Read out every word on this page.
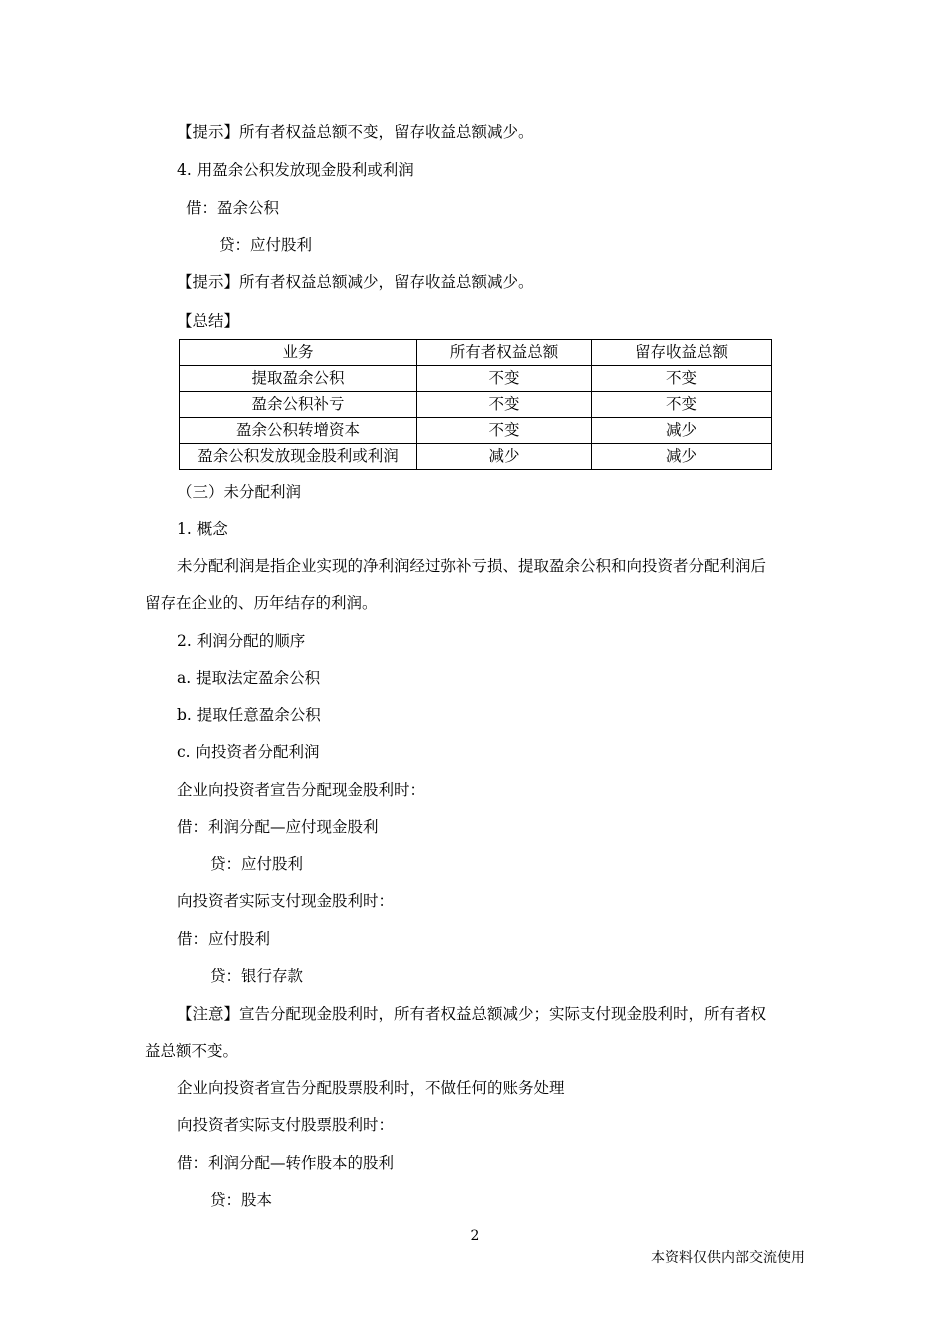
【提示】所有者权益总额不变，留存收益总额减少。
4. 用盈余公积发放现金股利或利润
借：盈余公积
贷：应付股利
【提示】所有者权益总额减少，留存收益总额减少。
【总结】
业务	所有者权益总额	留存收益总额
提取盈余公积	不变	不变
盈余公积补亏	不变	不变
盈余公积转增资本	不变	减少
盈余公积发放现金股利或利润	减少	减少
（三）未分配利润
1. 概念
未分配利润是指企业实现的净利润经过弥补亏损、提取盈余公积和向投资者分配利润后
留存在企业的、历年结存的利润。
2. 利润分配的顺序
a. 提取法定盈余公积
b. 提取任意盈余公积
c. 向投资者分配利润
企业向投资者宣告分配现金股利时：
借：利润分配—应付现金股利
贷：应付股利
向投资者实际支付现金股利时：
借：应付股利
贷：银行存款
【注意】宣告分配现金股利时，所有者权益总额减少；实际支付现金股利时，所有者权
益总额不变。
企业向投资者宣告分配股票股利时，不做任何的账务处理
向投资者实际支付股票股利时：
借：利润分配—转作股本的股利
贷：股本
2
本资料仅供内部交流使用
